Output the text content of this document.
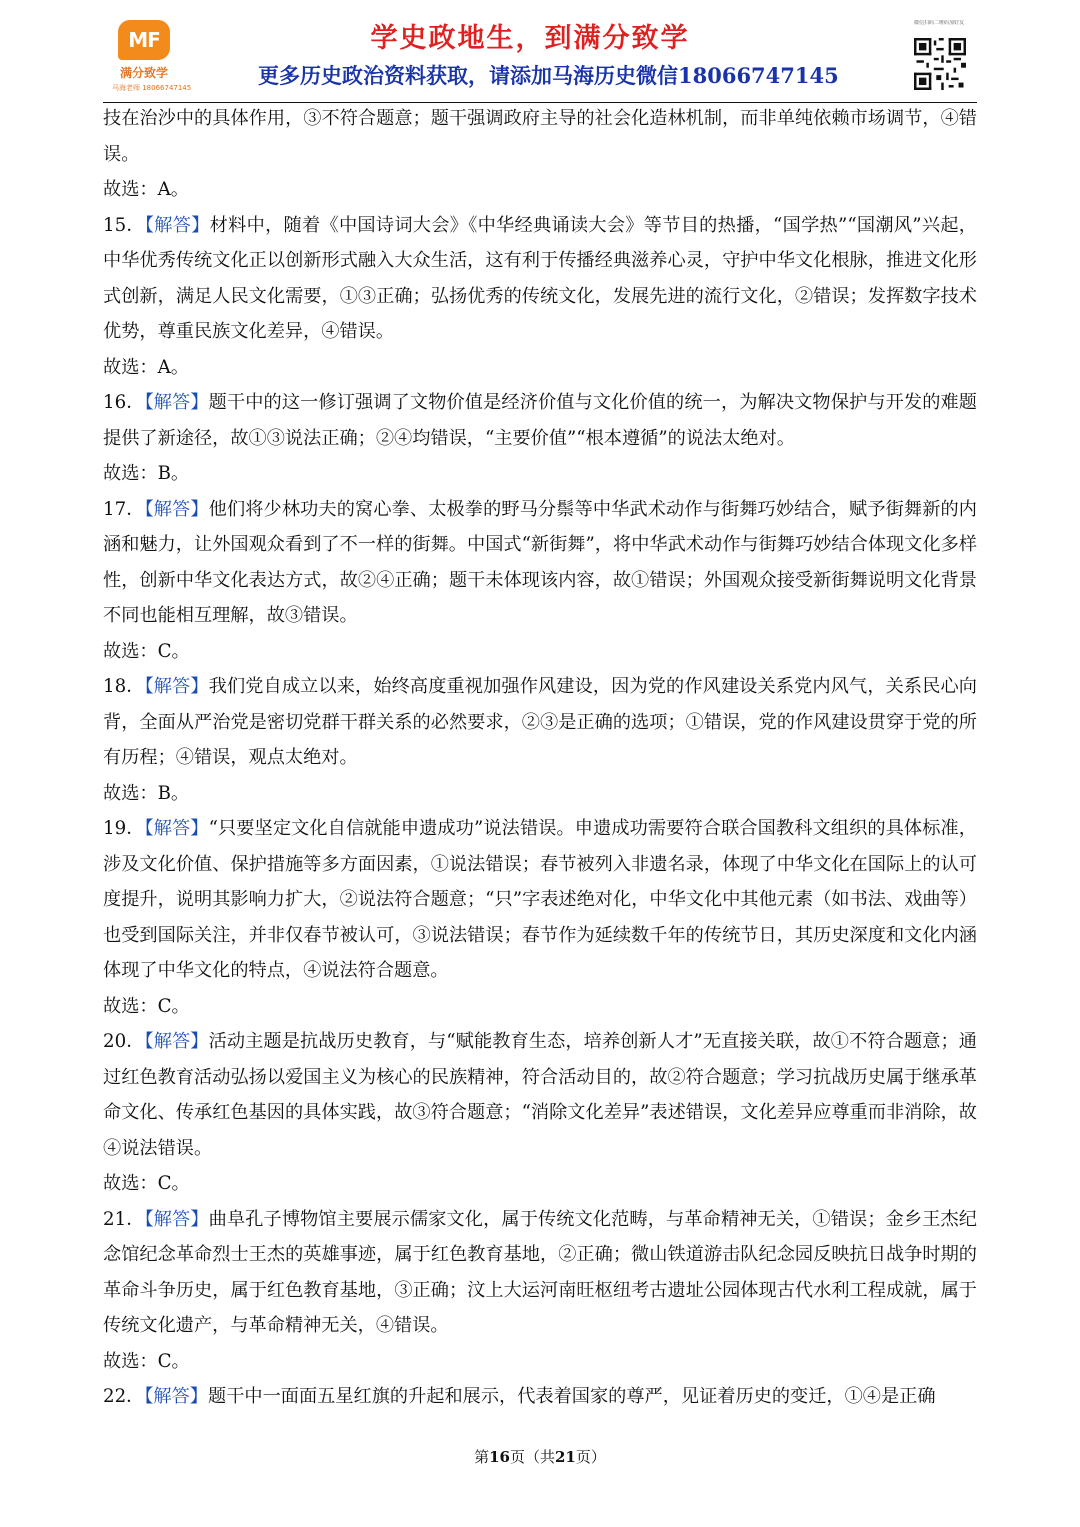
MF
满分致学
马海老师 18066747145
学史政地生，到满分致学
更多历史政治资料获取，请添加马海历史微信18066747145
微信扫码二维码加好友

技在治沙中的具体作用，③不符合题意；题干强调政府主导的社会化造林机制，而非单纯依赖市场调节，④错误。

故选：A。

15．【解答】材料中，随着《中国诗词大会》《中华经典诵读大会》等节目的热播，“国学热”“国潮风”兴起，中华优秀传统文化正以创新形式融入大众生活，这有利于传播经典滋养心灵，守护中华文化根脉，推进文化形式创新，满足人民文化需要，①③正确；弘扬优秀的传统文化，发展先进的流行文化，②错误；发挥数字技术优势，尊重民族文化差异，④错误。

故选：A。

16．【解答】题干中的这一修订强调了文物价值是经济价值与文化价值的统一，为解决文物保护与开发的难题提供了新途径，故①③说法正确；②④均错误，“主要价值”“根本遵循”的说法太绝对。

故选：B。

17．【解答】他们将少林功夫的窝心拳、太极拳的野马分鬃等中华武术动作与街舞巧妙结合，赋予街舞新的内涵和魅力，让外国观众看到了不一样的街舞。中国式“新街舞”，将中华武术动作与街舞巧妙结合体现文化多样性，创新中华文化表达方式，故②④正确；题干未体现该内容，故①错误；外国观众接受新街舞说明文化背景不同也能相互理解，故③错误。

故选：C。

18．【解答】我们党自成立以来，始终高度重视加强作风建设，因为党的作风建设关系党内风气，关系民心向背，全面从严治党是密切党群干群关系的必然要求，②③是正确的选项；①错误，党的作风建设贯穿于党的所有历程；④错误，观点太绝对。

故选：B。

19．【解答】“只要坚定文化自信就能申遗成功”说法错误。申遗成功需要符合联合国教科文组织的具体标准，涉及文化价值、保护措施等多方面因素，①说法错误；春节被列入非遗名录，体现了中华文化在国际上的认可度提升，说明其影响力扩大，②说法符合题意；“只”字表述绝对化，中华文化中其他元素（如书法、戏曲等）也受到国际关注，并非仅春节被认可，③说法错误；春节作为延续数千年的传统节日，其历史深度和文化内涵体现了中华文化的特点，④说法符合题意。

故选：C。

20．【解答】活动主题是抗战历史教育，与“赋能教育生态，培养创新人才”无直接关联，故①不符合题意；通过红色教育活动弘扬以爱国主义为核心的民族精神，符合活动目的，故②符合题意；学习抗战历史属于继承革命文化、传承红色基因的具体实践，故③符合题意；“消除文化差异”表述错误，文化差异应尊重而非消除，故④说法错误。

故选：C。

21．【解答】曲阜孔子博物馆主要展示儒家文化，属于传统文化范畴，与革命精神无关，①错误；金乡王杰纪念馆纪念革命烈士王杰的英雄事迹，属于红色教育基地，②正确；微山铁道游击队纪念园反映抗日战争时期的革命斗争历史，属于红色教育基地，③正确；汶上大运河南旺枢纽考古遗址公园体现古代水利工程成就，属于传统文化遗产，与革命精神无关，④错误。

故选：C。

22．【解答】题干中一面面五星红旗的升起和展示，代表着国家的尊严，见证着历史的变迁，①④是正确

第16页（共21页）
